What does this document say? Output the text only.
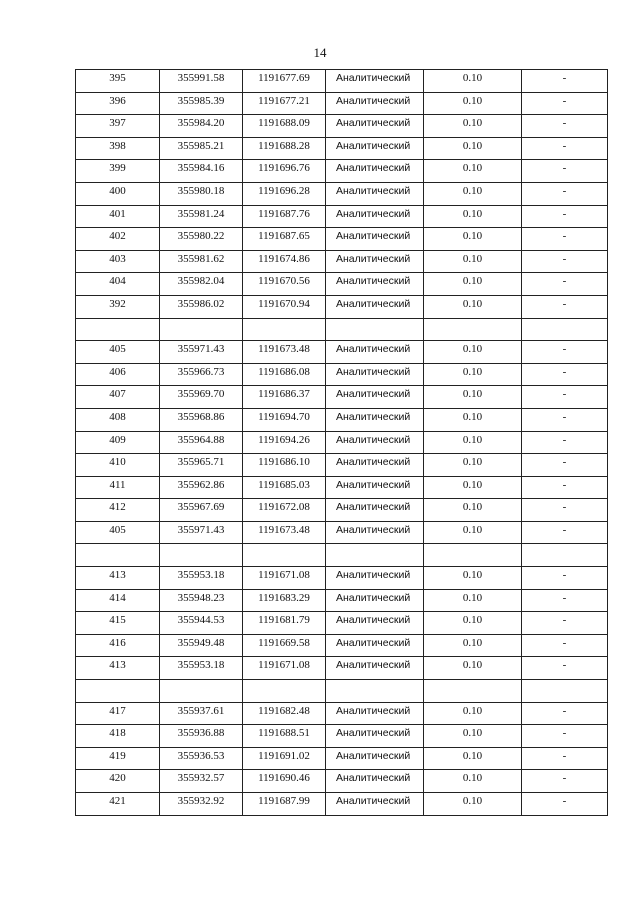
14
395	355991.58	1191677.69	Аналитический	0.10	-
396	355985.39	1191677.21	Аналитический	0.10	-
397	355984.20	1191688.09	Аналитический	0.10	-
398	355985.21	1191688.28	Аналитический	0.10	-
399	355984.16	1191696.76	Аналитический	0.10	-
400	355980.18	1191696.28	Аналитический	0.10	-
401	355981.24	1191687.76	Аналитический	0.10	-
402	355980.22	1191687.65	Аналитический	0.10	-
403	355981.62	1191674.86	Аналитический	0.10	-
404	355982.04	1191670.56	Аналитический	0.10	-
392	355986.02	1191670.94	Аналитический	0.10	-

405	355971.43	1191673.48	Аналитический	0.10	-
406	355966.73	1191686.08	Аналитический	0.10	-
407	355969.70	1191686.37	Аналитический	0.10	-
408	355968.86	1191694.70	Аналитический	0.10	-
409	355964.88	1191694.26	Аналитический	0.10	-
410	355965.71	1191686.10	Аналитический	0.10	-
411	355962.86	1191685.03	Аналитический	0.10	-
412	355967.69	1191672.08	Аналитический	0.10	-
405	355971.43	1191673.48	Аналитический	0.10	-

413	355953.18	1191671.08	Аналитический	0.10	-
414	355948.23	1191683.29	Аналитический	0.10	-
415	355944.53	1191681.79	Аналитический	0.10	-
416	355949.48	1191669.58	Аналитический	0.10	-
413	355953.18	1191671.08	Аналитический	0.10	-

417	355937.61	1191682.48	Аналитический	0.10	-
418	355936.88	1191688.51	Аналитический	0.10	-
419	355936.53	1191691.02	Аналитический	0.10	-
420	355932.57	1191690.46	Аналитический	0.10	-
421	355932.92	1191687.99	Аналитический	0.10	-
